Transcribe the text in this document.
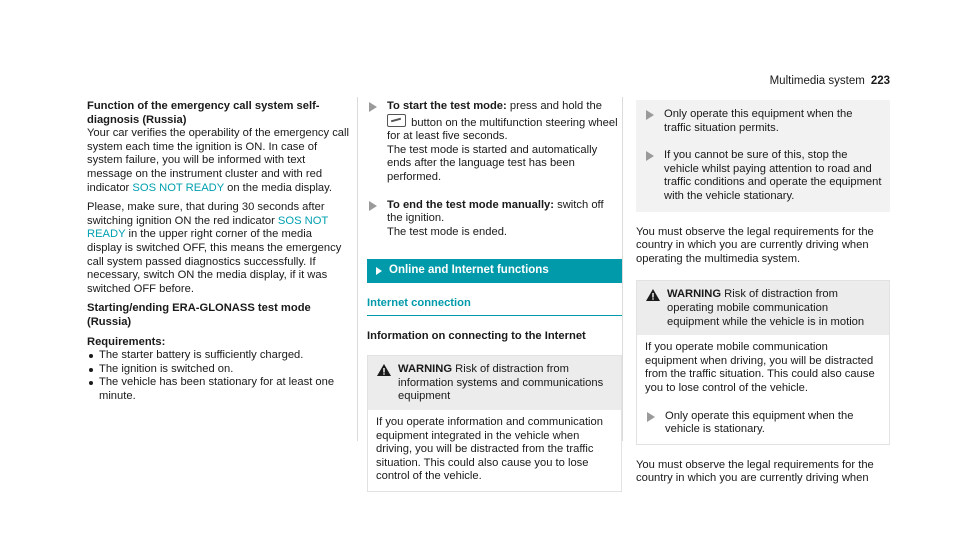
Multimedia system 223

Function of the emergency call system self-diagnosis (Russia)

Your car verifies the operability of the emergency call system each time the ignition is ON. In case of system failure, you will be informed with text message on the instrument cluster and with red indicator SOS NOT READY on the media display.

Please, make sure, that during 30 seconds after switching ignition ON the red indicator SOS NOT READY in the upper right corner of the media display is switched OFF, this means the emergency call system passed diagnostics successfully. If necessary, switch ON the media display, if it was switched OFF before.

Starting/ending ERA-GLONASS test mode (Russia)

Requirements:

The starter battery is sufficiently charged.
The ignition is switched on.
The vehicle has been stationary for at least one minute.

To start the test mode: press and hold the  button on the multifunction steering wheel for at least five seconds.

The test mode is started and automatically ends after the language test has been performed.

To end the test mode manually: switch off the ignition.

The test mode is ended.

Online and Internet functions
Internet connection

Information on connecting to the Internet

WARNING Risk of distraction from information systems and communications equipment
If you operate information and communication equipment integrated in the vehicle when driving, you will be distracted from the traffic situation. This could also cause you to lose control of the vehicle.

Only operate this equipment when the traffic situation permits.

If you cannot be sure of this, stop the vehicle whilst paying attention to road and traffic conditions and operate the equipment with the vehicle stationary.

You must observe the legal requirements for the country in which you are currently driving when operating the multimedia system.

WARNING Risk of distraction from operating mobile communication equipment while the vehicle is in motion

If you operate mobile communication equipment when driving, you will be distracted from the traffic situation. This could also cause you to lose control of the vehicle.

Only operate this equipment when the vehicle is stationary.

You must observe the legal requirements for the country in which you are currently driving when
